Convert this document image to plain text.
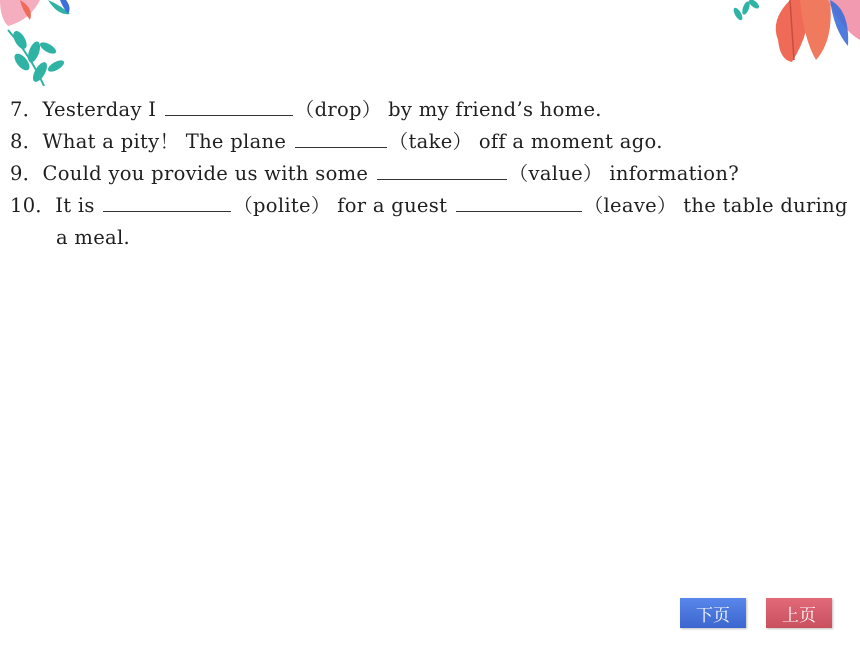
7．Yesterday I	（drop） by my friend’s home.
8．What a pity！ The plane	（take） off a moment ago.
9．Could you provide us with some	（value） information?
10．It is	（polite） for a guest	（leave） the table during
a meal.
下页	上页
